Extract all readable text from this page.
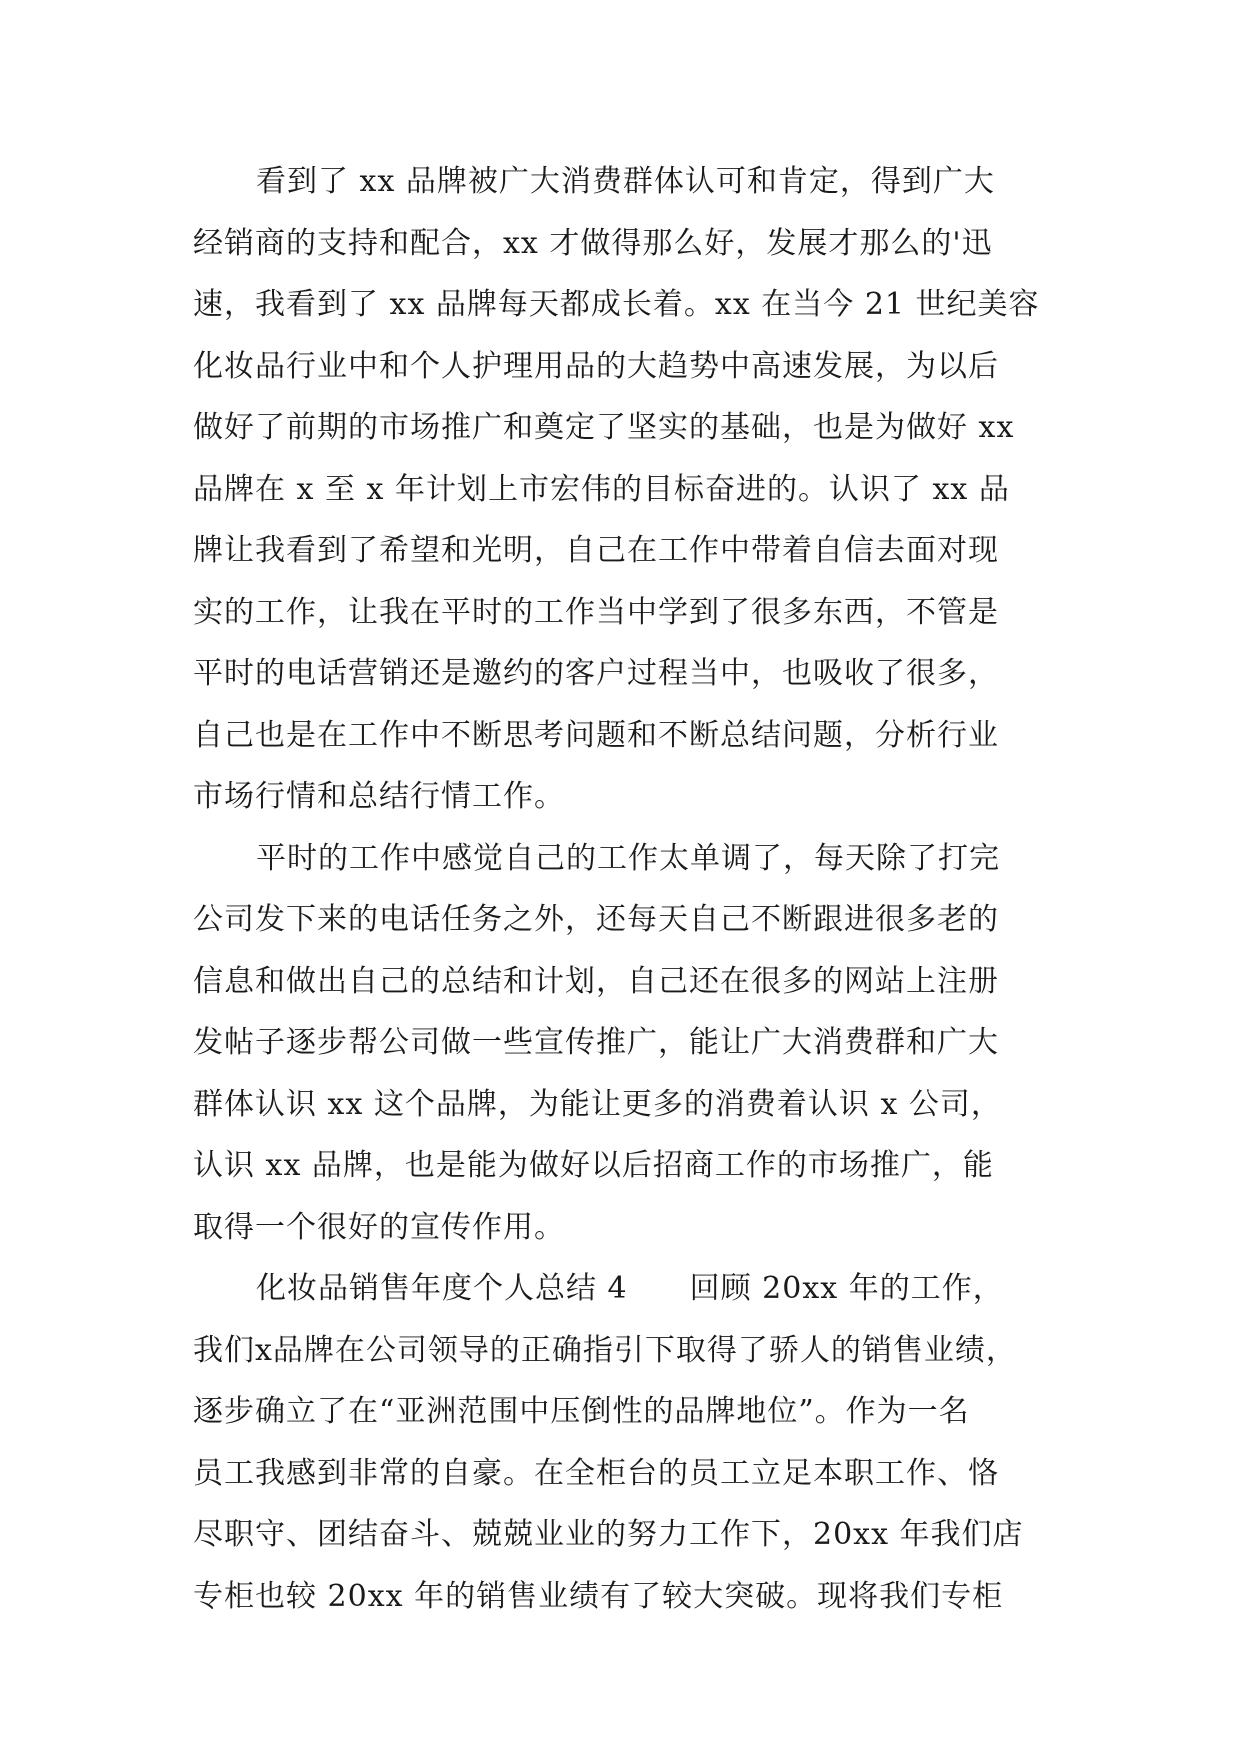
看到了 xx 品牌被广大消费群体认可和肯定，得到广大
经销商的支持和配合，xx 才做得那么好，发展才那么的'迅
速，我看到了 xx 品牌每天都成长着。xx 在当今 21 世纪美容
化妆品行业中和个人护理用品的大趋势中高速发展，为以后
做好了前期的市场推广和奠定了坚实的基础，也是为做好 xx
品牌在 x 至 x 年计划上市宏伟的目标奋进的。认识了 xx 品
牌让我看到了希望和光明，自己在工作中带着自信去面对现
实的工作，让我在平时的工作当中学到了很多东西，不管是
平时的电话营销还是邀约的客户过程当中，也吸收了很多，
自己也是在工作中不断思考问题和不断总结问题，分析行业
市场行情和总结行情工作。
平时的工作中感觉自己的工作太单调了，每天除了打完
公司发下来的电话任务之外，还每天自己不断跟进很多老的
信息和做出自己的总结和计划，自己还在很多的网站上注册
发帖子逐步帮公司做一些宣传推广，能让广大消费群和广大
群体认识 xx 这个品牌，为能让更多的消费着认识 x 公司，
认识 xx 品牌，也是能为做好以后招商工作的市场推广，能
取得一个很好的宣传作用。
化妆品销售年度个人总结 4　　回顾 20xx 年的工作，
我们x品牌在公司领导的正确指引下取得了骄人的销售业绩，
逐步确立了在“亚洲范围中压倒性的品牌地位”。作为一名
员工我感到非常的自豪。在全柜台的员工立足本职工作、恪
尽职守、团结奋斗、兢兢业业的努力工作下，20xx 年我们店
专柜也较 20xx 年的销售业绩有了较大突破。现将我们专柜
